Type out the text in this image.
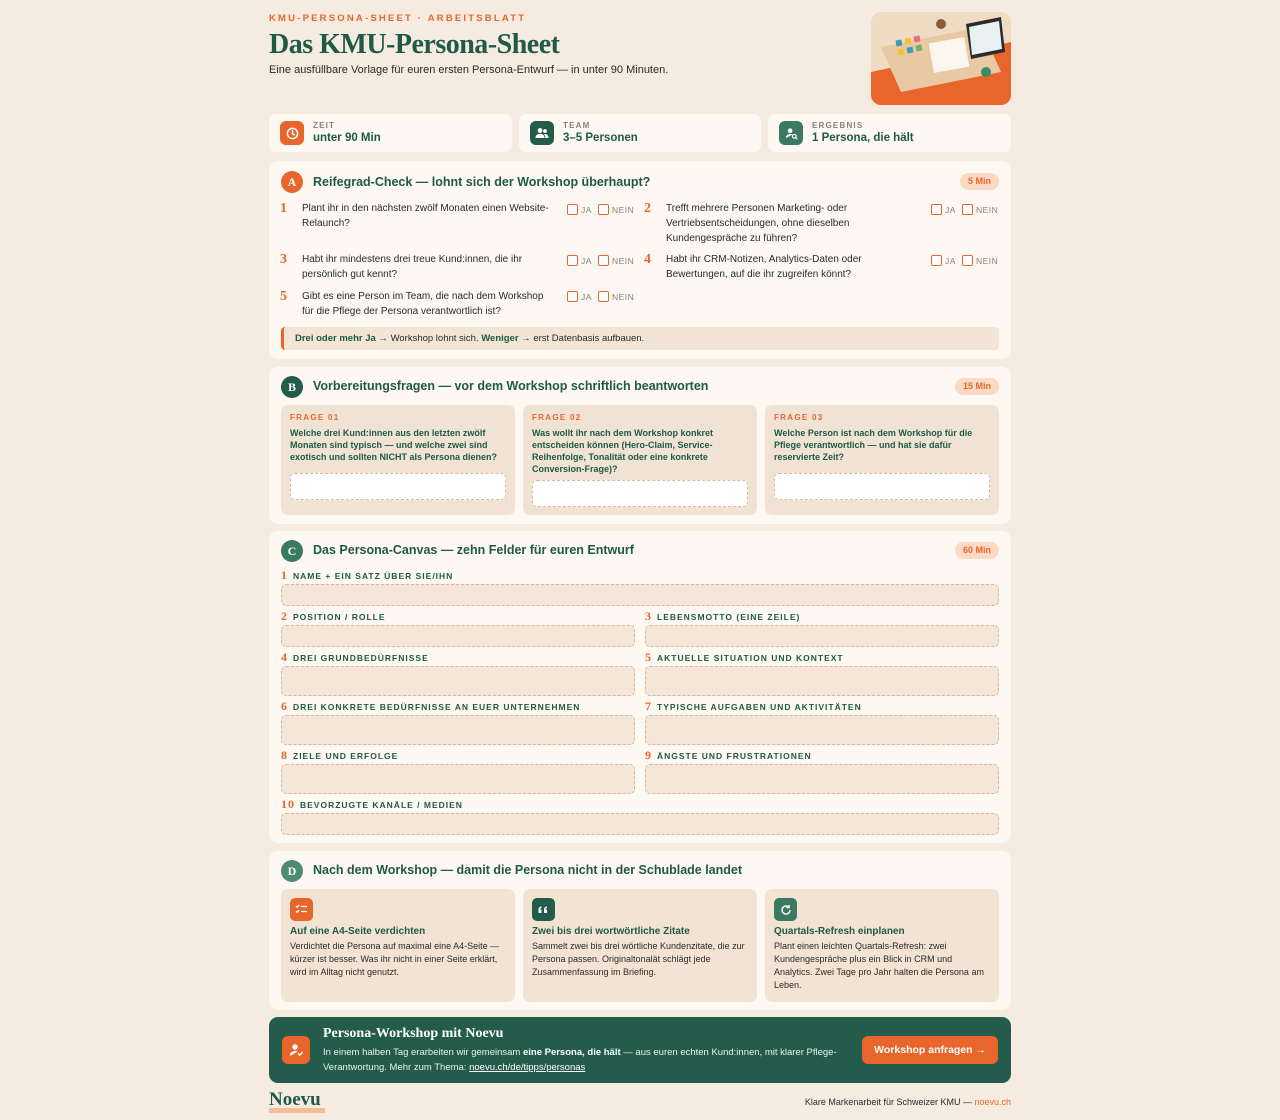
KMU-PERSONA-SHEET · ARBEITSBLATT
Das KMU-Persona-Sheet
Eine ausfüllbare Vorlage für euren ersten Persona-Entwurf — in unter 90 Minuten.
ZEIT
unter 90 Min
TEAM
3–5 Personen
ERGEBNIS
1 Persona, die hält
A	Reifegrad-Check — lohnt sich der Workshop überhaupt?	5 Min
1 Plant ihr in den nächsten zwölf Monaten einen Website-Relaunch?
JA NEIN 2 Trefft mehrere Personen Marketing- oder Vertriebsentscheidungen, ohne dieselben Kundengespräche zu führen?
JA NEIN
3 Habt ihr mindestens drei treue Kund:innen, die ihr persönlich gut kennt?
JA NEIN 4 Habt ihr CRM-Notizen, Analytics-Daten oder Bewertungen, auf die ihr zugreifen könnt?
JA NEIN
5 Gibt es eine Person im Team, die nach dem Workshop für die Pflege der Persona verantwortlich ist?
JA NEIN
Drei oder mehr Ja → Workshop lohnt sich. Weniger → erst Datenbasis aufbauen.
B	Vorbereitungsfragen — vor dem Workshop schriftlich beantworten	15 Min
FRAGE 01
Welche drei Kund:innen aus den letzten zwölf Monaten sind typisch — und welche zwei sind exotisch und sollten NICHT als Persona dienen?
FRAGE 02
Was wollt ihr nach dem Workshop konkret entscheiden können (Hero-Claim, Service-Reihenfolge, Tonalität oder eine konkrete Conversion-Frage)?
FRAGE 03
Welche Person ist nach dem Workshop für die Pflege verantwortlich — und hat sie dafür reservierte Zeit?
C	Das Persona-Canvas — zehn Felder für euren Entwurf	60 Min
1 NAME + EIN SATZ ÜBER SIE/IHN
2 POSITION / ROLLE	3 LEBENSMOTTO (EINE ZEILE)
4 DREI GRUNDBEDÜRFNISSE	5 AKTUELLE SITUATION UND KONTEXT
6 DREI KONKRETE BEDÜRFNISSE AN EUER UNTERNEHMEN	7 TYPISCHE AUFGABEN UND AKTIVITÄTEN
8 ZIELE UND ERFOLGE	9 ÄNGSTE UND FRUSTRATIONEN
10 BEVORZUGTE KANÄLE / MEDIEN
D	Nach dem Workshop — damit die Persona nicht in der Schublade landet
Auf eine A4-Seite verdichten
Verdichtet die Persona auf maximal eine A4-Seite — kürzer ist besser. Was ihr nicht in einer Seite erklärt, wird im Alltag nicht genutzt.
Zwei bis drei wortwörtliche Zitate
Sammelt zwei bis drei wörtliche Kundenzitate, die zur Persona passen. Originaltonalät schlägt jede Zusammenfassung im Briefing.
Quartals-Refresh einplanen
Plant einen leichten Quartals-Refresh: zwei Kundengespräche plus ein Blick in CRM und Analytics. Zwei Tage pro Jahr halten die Persona am Leben.
Persona-Workshop mit Noevu
In einem halben Tag erarbeiten wir gemeinsam eine Persona, die hält — aus euren echten Kund:innen, mit klarer Pflege-Verantwortung. Mehr zum Thema: noevu.ch/de/tipps/personas
Workshop anfragen →
Noevu	Klare Markenarbeit für Schweizer KMU — noevu.ch
